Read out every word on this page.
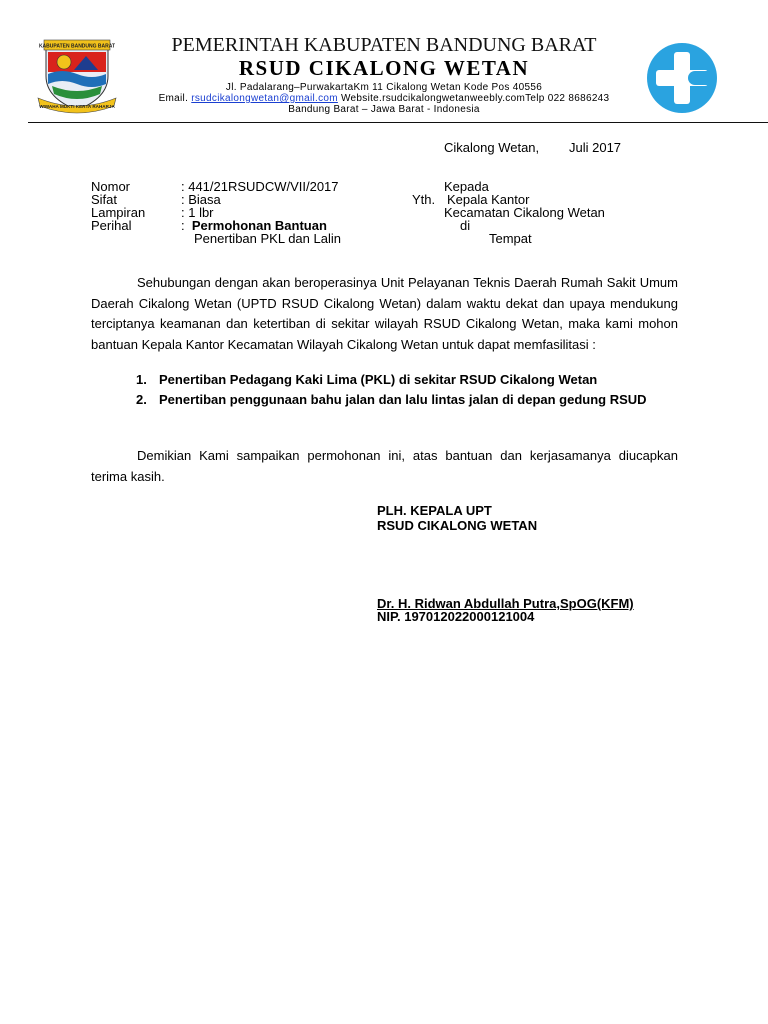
KABUPATEN BANDUNG BARAT
WIWAHA MUKTI KERTA RAHARJA
PEMERINTAH KABUPATEN BANDUNG BARAT
RSUD CIKALONG WETAN
Jl. Padalarang–PurwakartaKm 11 Cikalong Wetan Kode Pos 40556
Email. rsudcikalongwetan@gmail.com Website.rsudcikalongwetanweebly.comTelp 022 8686243
Bandung Barat – Jawa Barat - Indonesia
Cikalong Wetan, Juli 2017
Nomor	: 441/21RSUDCW/VII/2017
Sifat	: Biasa
Lampiran	: 1 lbr
Perihal	:  Permohonan Bantuan
Penertiban PKL dan Lalin
Kepada
Yth. Kepala Kantor
Kecamatan Cikalong Wetan
di
Tempat
Sehubungan dengan akan beroperasinya Unit Pelayanan Teknis Daerah Rumah Sakit Umum Daerah Cikalong Wetan (UPTD RSUD Cikalong Wetan) dalam waktu dekat dan upaya mendukung terciptanya keamanan dan ketertiban di sekitar wilayah RSUD Cikalong Wetan, maka kami mohon bantuan Kepala Kantor Kecamatan Wilayah Cikalong Wetan untuk dapat memfasilitasi :
1. Penertiban Pedagang Kaki Lima (PKL) di sekitar RSUD Cikalong Wetan
2. Penertiban penggunaan bahu jalan dan lalu lintas jalan di depan gedung RSUD
Demikian Kami sampaikan permohonan ini, atas bantuan dan kerjasamanya diucapkan terima kasih.
PLH. KEPALA UPT
RSUD CIKALONG WETAN
Dr. H. Ridwan Abdullah Putra,SpOG(KFM)
NIP. 197012022000121004
